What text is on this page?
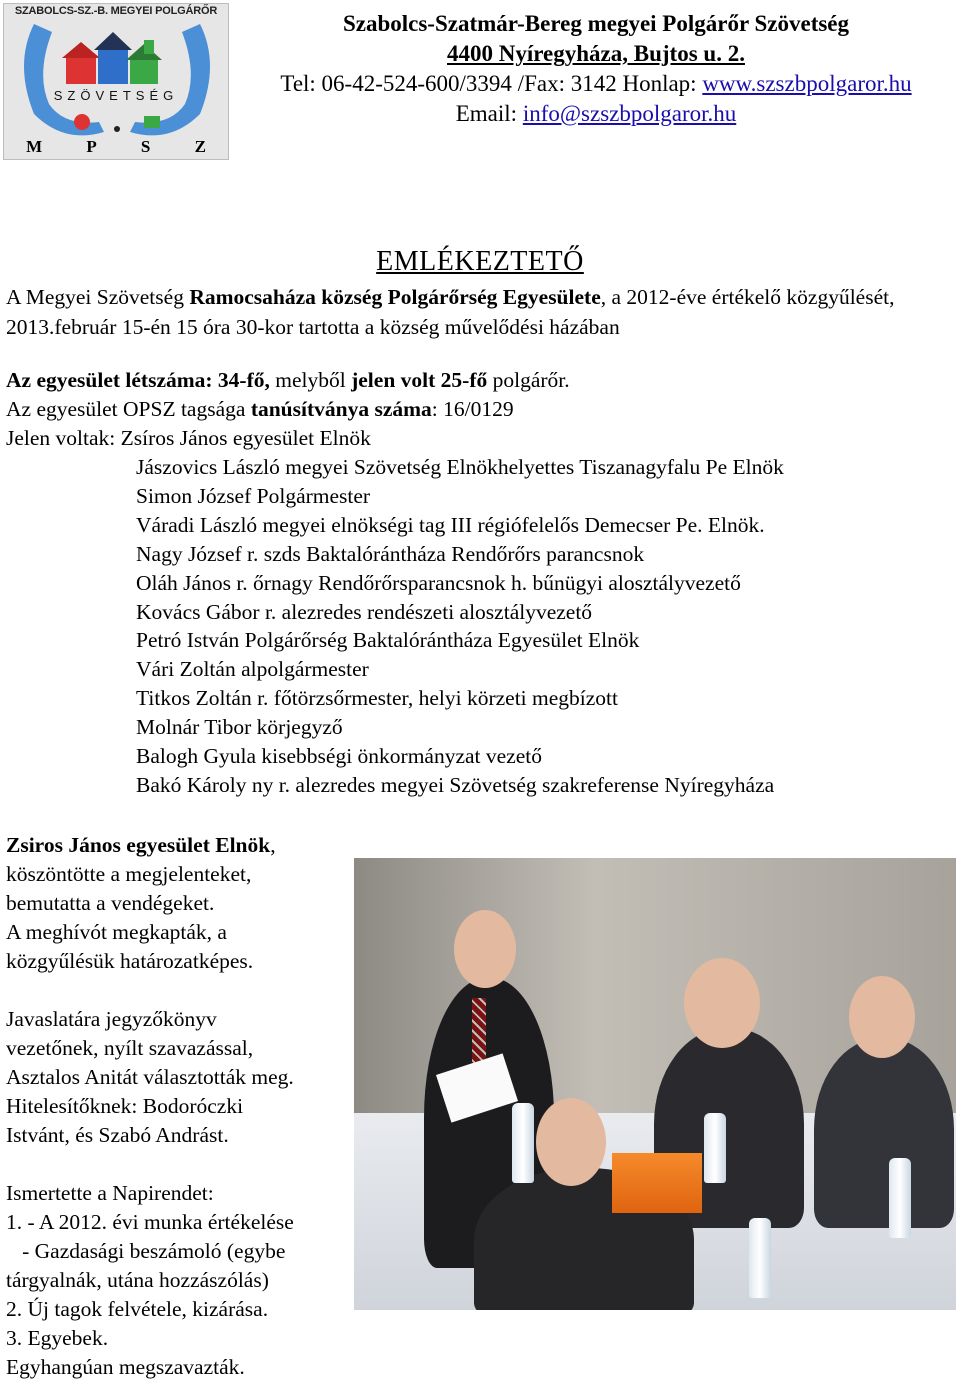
SZABOLCS-SZ.-B. MEGYEI POLGÁRŐR
SZÖVETSÉG
M	P	S	Z
Szabolcs-Szatmár-Bereg megyei Polgárőr Szövetség
4400 Nyíregyháza, Bujtos u. 2.
Tel: 06-42-524-600/3394 /Fax: 3142 Honlap: www.szszbpolgaror.hu
Email: info@szszbpolgaror.hu
EMLÉKEZTETŐ
A Megyei Szövetség Ramocsaháza község Polgárőrség Egyesülete, a 2012-éve értékelő közgyűlését, 2013.február 15-én 15 óra 30-kor tartotta a község művelődési házában
Az egyesület létszáma: 34-fő, melyből jelen volt 25-fő polgárőr.
Az egyesület OPSZ tagsága tanúsítványa száma: 16/0129
Jelen voltak: Zsíros János egyesület Elnök
Jászovics László megyei Szövetség Elnökhelyettes Tiszanagyfalu Pe Elnök
Simon József Polgármester
Váradi László megyei elnökségi tag III régiófelelős Demecser Pe. Elnök.
Nagy József r. szds Baktalórántháza Rendőrőrs parancsnok
Oláh János r. őrnagy Rendőrőrsparancsnok h. bűnügyi alosztályvezető
Kovács Gábor r. alezredes rendészeti alosztályvezető
Petró István Polgárőrség Baktalórántháza Egyesület Elnök
Vári Zoltán alpolgármester
Titkos Zoltán r. főtörzsőrmester, helyi körzeti megbízott
Molnár Tibor körjegyző
Balogh Gyula kisebbségi önkormányzat vezető
Bakó Károly ny r. alezredes megyei Szövetség szakreferense Nyíregyháza

Zsiros János egyesület Elnök,

köszöntötte a megjelenteket,

bemutatta a vendégeket.

A meghívót megkapták, a

közgyűlésük határozatképes.

Javaslatára jegyzőkönyv

vezetőnek, nyílt szavazással,

Asztalos Anitát választották meg.

Hitelesítőknek: Bodoróczki

Istvánt, és Szabó Andrást.

Ismertette a Napirendet:

1. - A 2012. évi munka értékelése

- Gazdasági beszámoló (egybe

tárgyalnák, utána hozzászólás)

2. Új tagok felvétele, kizárása.

3. Egyebek.

Egyhangúan megszavazták.
